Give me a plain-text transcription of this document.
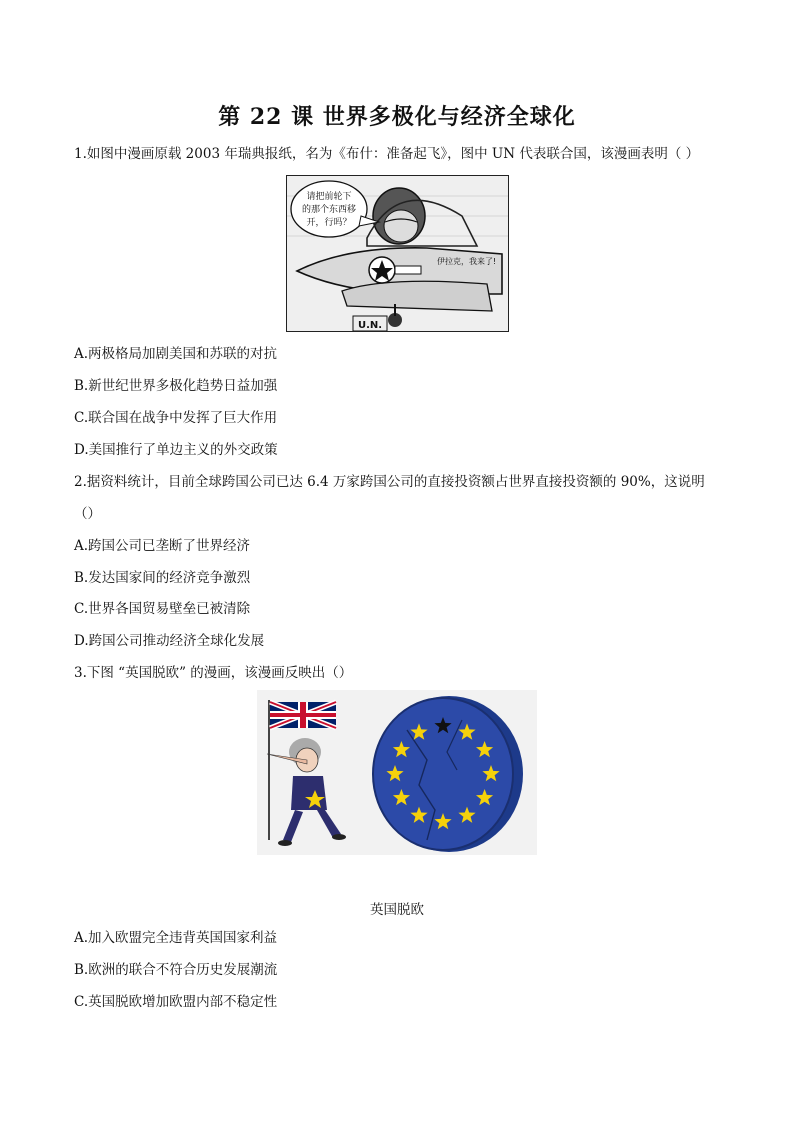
第 22 课 世界多极化与经济全球化
1.如图中漫画原载 2003 年瑞典报纸，名为《布什：准备起飞》，图中 UN 代表联合国，该漫画表明（ ）
请把前轮下
的那个东西移
开，行吗？
伊拉克，我来了!
U.N.
A.两极格局加剧美国和苏联的对抗
B.新世纪世界多极化趋势日益加强
C.联合国在战争中发挥了巨大作用
D.美国推行了单边主义的外交政策
2.据资料统计，目前全球跨国公司已达 6.4 万家跨国公司的直接投资额占世界直接投资额的 90%，这说明
（）
A.跨国公司已垄断了世界经济
B.发达国家间的经济竞争激烈
C.世界各国贸易壁垒已被清除
D.跨国公司推动经济全球化发展
3.下图 “英国脱欧” 的漫画，该漫画反映出（）
英国脱欧
A.加入欧盟完全违背英国国家利益
B.欧洲的联合不符合历史发展潮流
C.英国脱欧增加欧盟内部不稳定性
